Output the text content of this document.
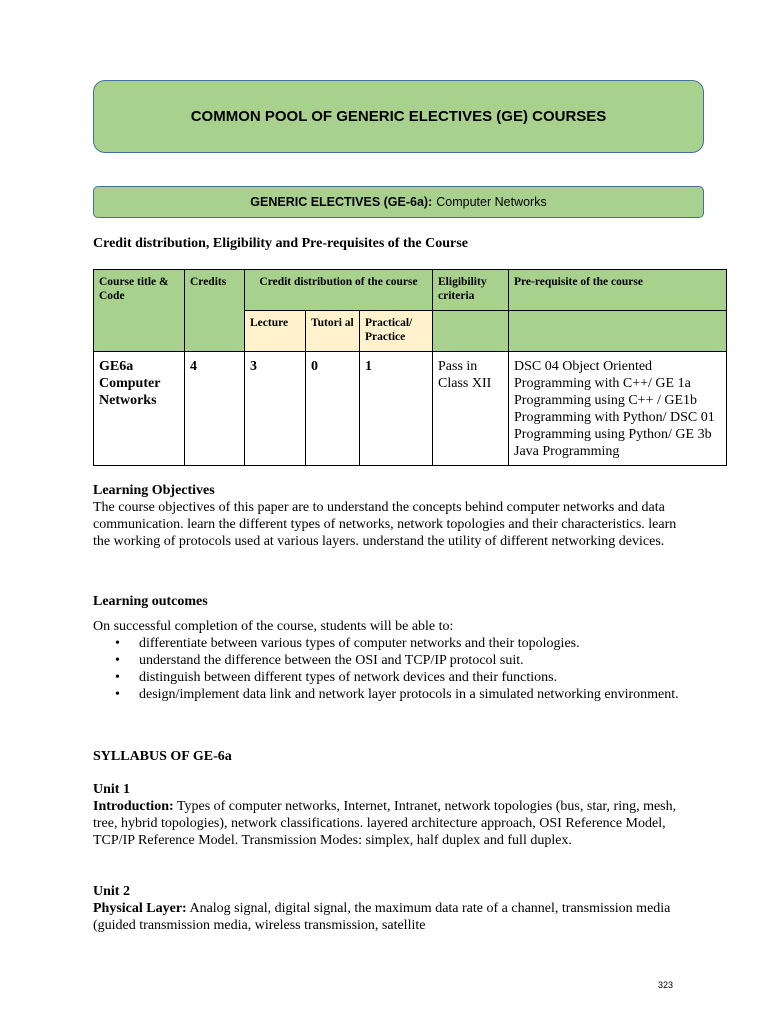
COMMON POOL OF GENERIC ELECTIVES (GE) COURSES
GENERIC ELECTIVES (GE-6a): Computer Networks
Credit distribution, Eligibility and Pre-requisites of the Course
Course title & Code	Credits	Credit distribution of the course			Eligibility criteria	Pre-requisite of the course
		Lecture	Tutori al	Practical/ Practice		

GE6a
Computer Networks	4	3	0	1	Pass in Class XII	DSC 04 Object Oriented Programming with C++/ GE 1a Programming using C++ / GE1b Programming with Python/ DSC 01 Programming using Python/ GE 3b Java Programming
Learning Objectives
The course objectives of this paper are to understand the concepts behind computer networks and data communication. learn the different types of networks, network topologies and their characteristics. learn the working of protocols used at various layers. understand the utility of different networking devices.
Learning outcomes
On successful completion of the course, students will be able to:
• differentiate between various types of computer networks and their topologies.
• understand the difference between the OSI and TCP/IP protocol suit.
• distinguish between different types of network devices and their functions.
• design/implement data link and network layer protocols in a simulated networking environment.
SYLLABUS OF GE-6a
Unit 1
Introduction: Types of computer networks, Internet, Intranet, network topologies (bus, star, ring, mesh, tree, hybrid topologies), network classifications. layered architecture approach, OSI Reference Model, TCP/IP Reference Model. Transmission Modes: simplex, half duplex and full duplex.
Unit 2
Physical Layer: Analog signal, digital signal, the maximum data rate of a channel, transmission media (guided transmission media, wireless transmission, satellite
323
